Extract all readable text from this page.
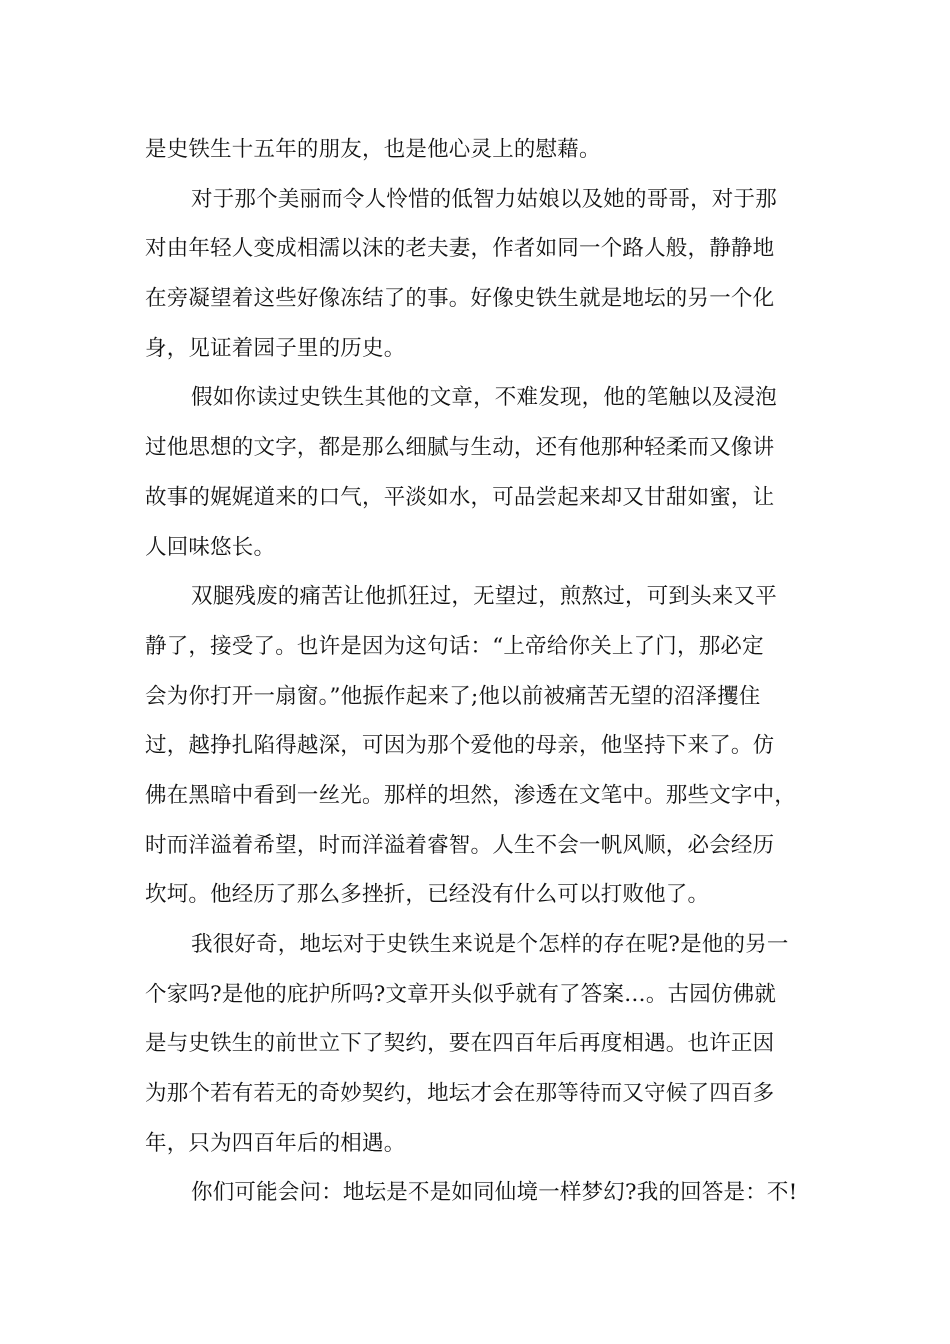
是史铁生十五年的朋友，也是他心灵上的慰藉。
对于那个美丽而令人怜惜的低智力姑娘以及她的哥哥，对于那
对由年轻人变成相濡以沫的老夫妻，作者如同一个路人般，静静地
在旁凝望着这些好像冻结了的事。好像史铁生就是地坛的另一个化
身，见证着园子里的历史。
假如你读过史铁生其他的文章，不难发现，他的笔触以及浸泡
过他思想的文字，都是那么细腻与生动，还有他那种轻柔而又像讲
故事的娓娓道来的口气，平淡如水，可品尝起来却又甘甜如蜜，让
人回味悠长。
双腿残废的痛苦让他抓狂过，无望过，煎熬过，可到头来又平
静了，接受了。也许是因为这句话：“上帝给你关上了门，那必定
会为你打开一扇窗。”他振作起来了;他以前被痛苦无望的沼泽攫住
过，越挣扎陷得越深，可因为那个爱他的母亲，他坚持下来了。仿
佛在黑暗中看到一丝光。那样的坦然，渗透在文笔中。那些文字中，
时而洋溢着希望，时而洋溢着睿智。人生不会一帆风顺，必会经历
坎坷。他经历了那么多挫折，已经没有什么可以打败他了。
我很好奇，地坛对于史铁生来说是个怎样的存在呢?是他的另一
个家吗?是他的庇护所吗?文章开头似乎就有了答案…。古园仿佛就
是与史铁生的前世立下了契约，要在四百年后再度相遇。也许正因
为那个若有若无的奇妙契约，地坛才会在那等待而又守候了四百多
年，只为四百年后的相遇。
你们可能会问：地坛是不是如同仙境一样梦幻?我的回答是：不!
